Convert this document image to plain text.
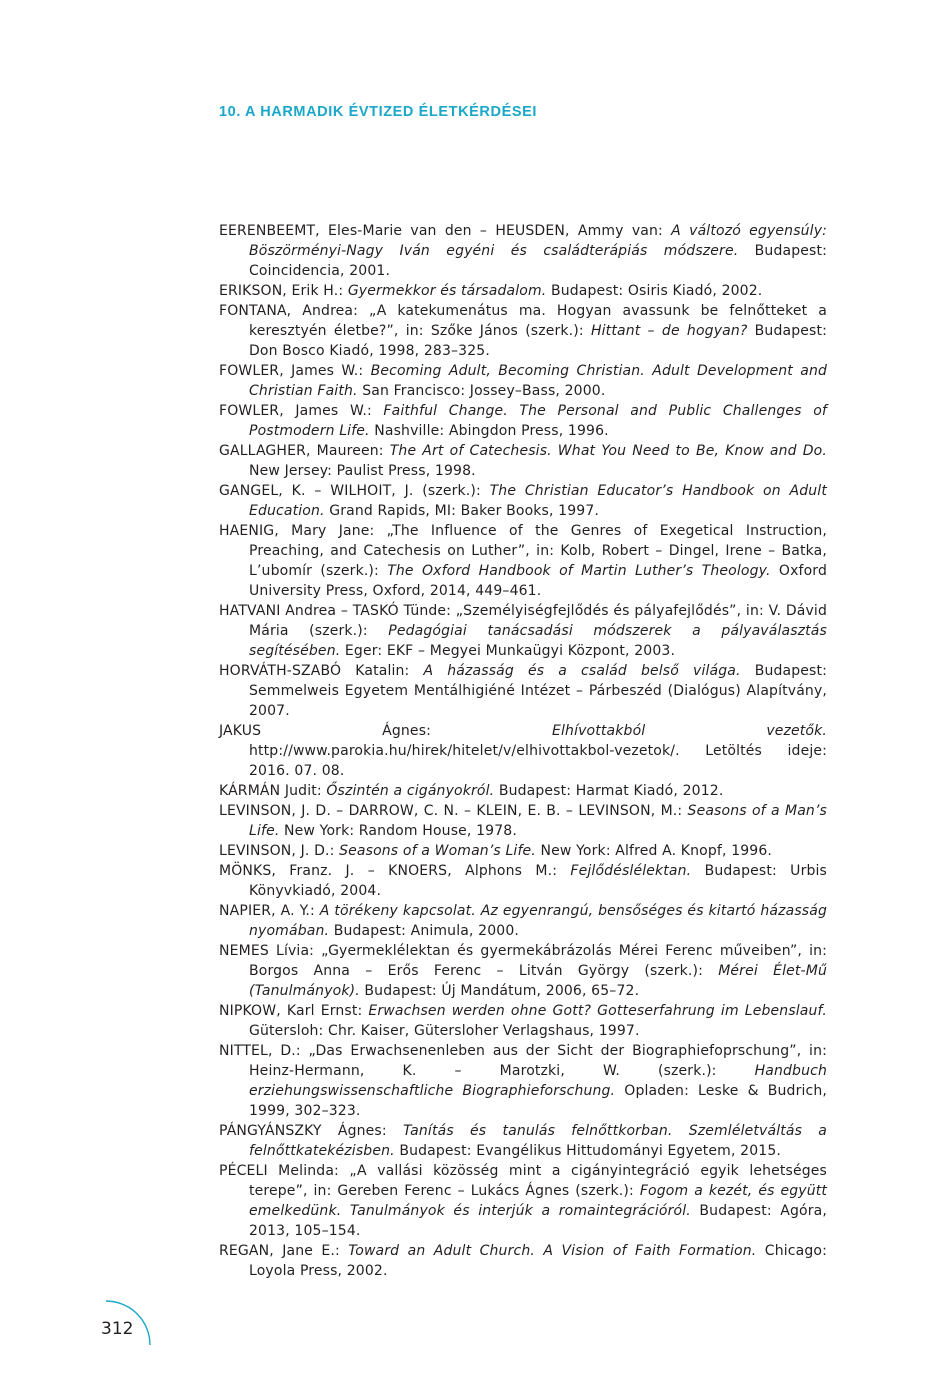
10. A HARMADIK ÉVTIZED ÉLETKÉRDÉSEI
EERENBEEMT, Eles-Marie van den – HEUSDEN, Ammy van: A változó egyensúly: Böszörményi-Nagy Iván egyéni és családterápiás módszere. Budapest: Coincidencia, 2001.
ERIKSON, Erik H.: Gyermekkor és társadalom. Budapest: Osiris Kiadó, 2002.
FONTANA, Andrea: „A katekumenátus ma. Hogyan avassunk be felnőtteket a keresztyén életbe?”, in: Szőke János (szerk.): Hittant – de hogyan? Budapest: Don Bosco Kiadó, 1998, 283–325.
FOWLER, James W.: Becoming Adult, Becoming Christian. Adult Development and Christian Faith. San Francisco: Jossey–Bass, 2000.
FOWLER, James W.: Faithful Change. The Personal and Public Challenges of Postmodern Life. Nashville: Abingdon Press, 1996.
GALLAGHER, Maureen: The Art of Catechesis. What You Need to Be, Know and Do. New Jersey: Paulist Press, 1998.
GANGEL, K. – WILHOIT, J. (szerk.): The Christian Educator’s Handbook on Adult Education. Grand Rapids, MI: Baker Books, 1997.
HAENIG, Mary Jane: „The Influence of the Genres of Exegetical Instruction, Preaching, and Catechesis on Luther”, in: Kolb, Robert – Dingel, Irene – Batka, L’ubomír (szerk.): The Oxford Handbook of Martin Luther’s Theology. Oxford University Press, Oxford, 2014, 449–461.
HATVANI Andrea – TASKÓ Tünde: „Személyiségfejlődés és pályafejlődés”, in: V. Dávid Mária (szerk.): Pedagógiai tanácsadási módszerek a pályaválasztás segítésében. Eger: EKF – Megyei Munkaügyi Központ, 2003.
HORVÁTH-SZABÓ Katalin: A házasság és a család belső világa. Budapest: Semmelweis Egyetem Mentálhigiéné Intézet – Párbeszéd (Dialógus) Alapítvány, 2007.
JAKUS Ágnes: Elhívottakból vezetők. http://www.parokia.hu/hirek/hitelet/v/elhivottakbol-vezetok/. Letöltés ideje: 2016. 07. 08.
KÁRMÁN Judit: Őszintén a cigányokról. Budapest: Harmat Kiadó, 2012.
LEVINSON, J. D. – DARROW, C. N. – KLEIN, E. B. – LEVINSON, M.: Seasons of a Man’s Life. New York: Random House, 1978.
LEVINSON, J. D.: Seasons of a Woman’s Life. New York: Alfred A. Knopf, 1996.
MÖNKS, Franz. J. – KNOERS, Alphons M.: Fejlődéslélektan. Budapest: Urbis Könyvkiadó, 2004.
NAPIER, A. Y.: A törékeny kapcsolat. Az egyenrangú, bensőséges és kitartó házasság nyomában. Budapest: Animula, 2000.
NEMES Lívia: „Gyermeklélektan és gyermekábrázolás Mérei Ferenc műveiben”, in: Borgos Anna – Erős Ferenc – Litván György (szerk.): Mérei Élet-Mű (Tanulmányok). Budapest: Új Mandátum, 2006, 65–72.
NIPKOW, Karl Ernst: Erwachsen werden ohne Gott? Gotteserfahrung im Lebenslauf. Gütersloh: Chr. Kaiser, Gütersloher Verlagshaus, 1997.
NITTEL, D.: „Das Erwachsenenleben aus der Sicht der Biographiefoprschung”, in: Heinz-Hermann, K. – Marotzki, W. (szerk.): Handbuch erziehungswissenschaftliche Biographieforschung. Opladen: Leske & Budrich, 1999, 302–323.
PÁNGYÁNSZKY Ágnes: Tanítás és tanulás felnőttkorban. Szemléletváltás a felnőttkatekézisben. Budapest: Evangélikus Hittudományi Egyetem, 2015.
PÉCELI Melinda: „A vallási közösség mint a cigányintegráció egyik lehetséges terepe”, in: Gereben Ferenc – Lukács Ágnes (szerk.): Fogom a kezét, és együtt emelkedünk. Tanulmányok és interjúk a romaintegrációról. Budapest: Agóra, 2013, 105–154.
REGAN, Jane E.: Toward an Adult Church. A Vision of Faith Formation. Chicago: Loyola Press, 2002.
312
